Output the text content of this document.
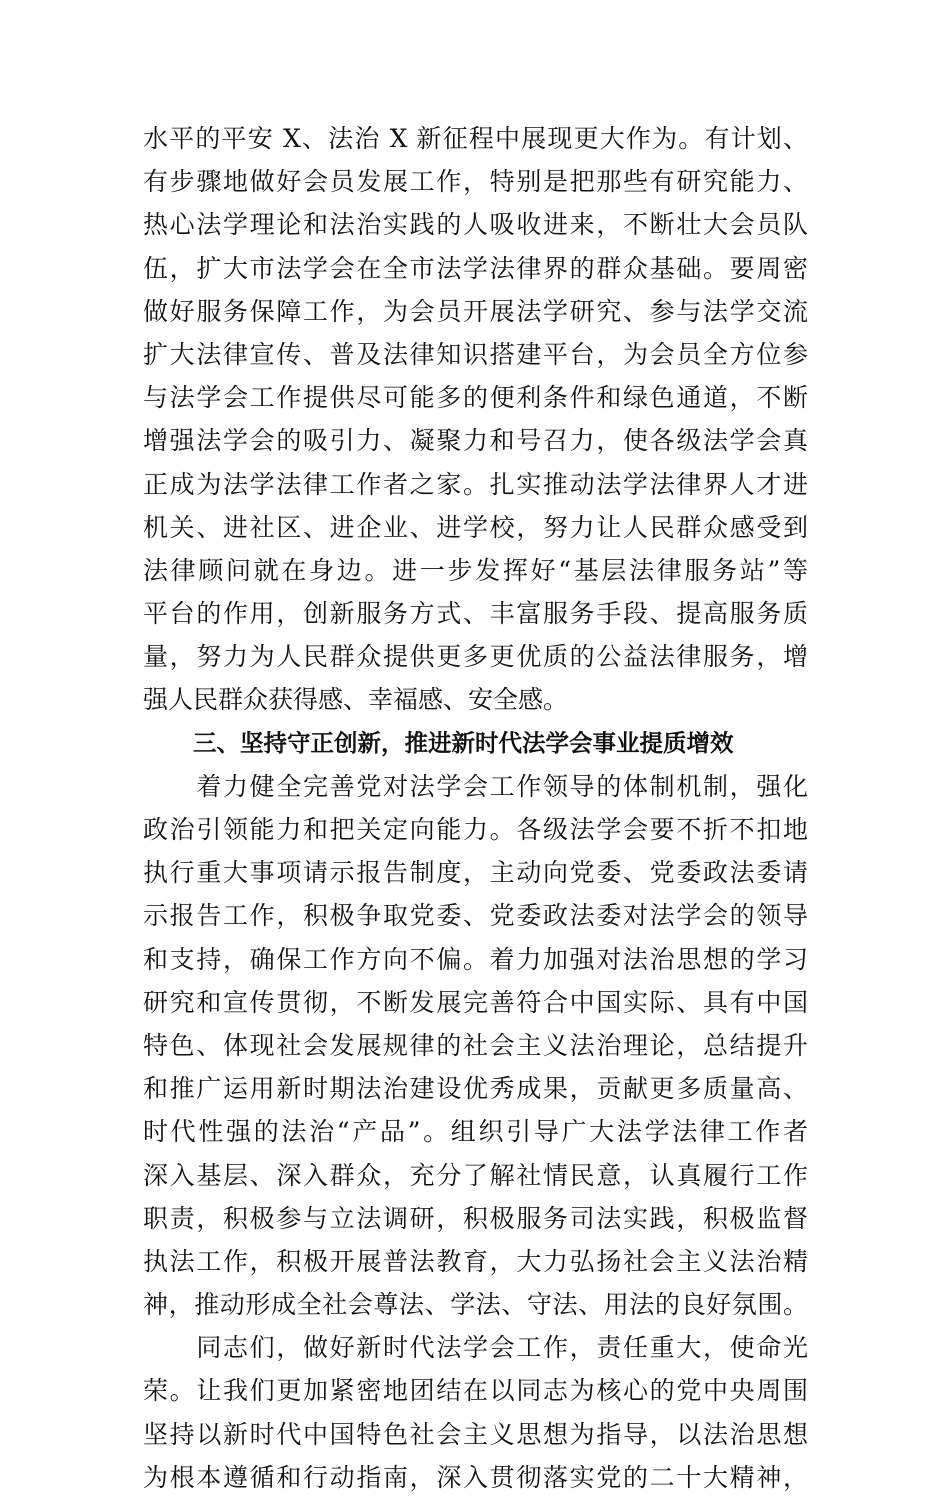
水平的平安 X、法治 X 新征程中展现更大作为。有计划、
有步骤地做好会员发展工作，特别是把那些有研究能力、
热心法学理论和法治实践的人吸收进来，不断壮大会员队
伍，扩大市法学会在全市法学法律界的群众基础。要周密
做好服务保障工作，为会员开展法学研究、参与法学交流
扩大法律宣传、普及法律知识搭建平台，为会员全方位参
与法学会工作提供尽可能多的便利条件和绿色通道，不断
增强法学会的吸引力、凝聚力和号召力，使各级法学会真
正成为法学法律工作者之家。扎实推动法学法律界人才进
机关、进社区、进企业、进学校，努力让人民群众感受到
法律顾问就在身边。进一步发挥好“基层法律服务站”等
平台的作用，创新服务方式、丰富服务手段、提高服务质
量，努力为人民群众提供更多更优质的公益法律服务，增
强人民群众获得感、幸福感、安全感。
三、坚持守正创新，推进新时代法学会事业提质增效
　　着力健全完善党对法学会工作领导的体制机制，强化
政治引领能力和把关定向能力。各级法学会要不折不扣地
执行重大事项请示报告制度，主动向党委、党委政法委请
示报告工作，积极争取党委、党委政法委对法学会的领导
和支持，确保工作方向不偏。着力加强对法治思想的学习
研究和宣传贯彻，不断发展完善符合中国实际、具有中国
特色、体现社会发展规律的社会主义法治理论，总结提升
和推广运用新时期法治建设优秀成果，贡献更多质量高、
时代性强的法治“产品”。组织引导广大法学法律工作者
深入基层、深入群众，充分了解社情民意，认真履行工作
职责，积极参与立法调研，积极服务司法实践，积极监督
执法工作，积极开展普法教育，大力弘扬社会主义法治精
神，推动形成全社会尊法、学法、守法、用法的良好氛围。
　　同志们，做好新时代法学会工作，责任重大，使命光
荣。让我们更加紧密地团结在以同志为核心的党中央周围
坚持以新时代中国特色社会主义思想为指导，以法治思想
为根本遵循和行动指南，深入贯彻落实党的二十大精神，
